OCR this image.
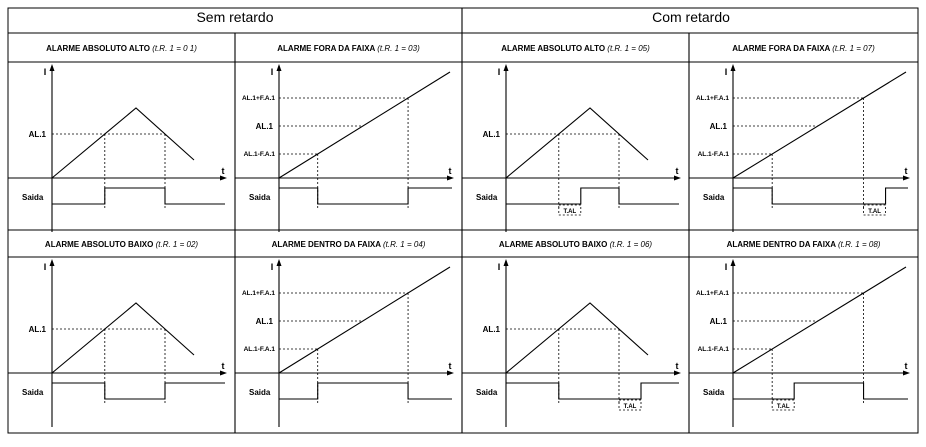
Sem retardo	Com retardo
ALARME ABSOLUTO ALTO (t.R. 1 = 0 1)
I
t
Saida
AL.1
ALARME FORA DA FAIXA (t.R. 1 = 03)
I
t
Saida
AL.1+F.A.1
AL.1
AL.1-F.A.1
ALARME ABSOLUTO ALTO (t.R. 1 = 05)
I
t
Saida
AL.1
T.AL
ALARME FORA DA FAIXA (t.R. 1 = 07)
I
t
Saida
AL.1+F.A.1
AL.1
AL.1-F.A.1
T.AL
ALARME ABSOLUTO BAIXO (t.R. 1 = 02)
I
t
Saida
AL.1
ALARME DENTRO DA FAIXA (t.R. 1 = 04)
I
t
Saida
AL.1+F.A.1
AL.1
AL.1-F.A.1
ALARME ABSOLUTO BAIXO (t.R. 1 = 06)
I
t
Saida
AL.1
T.AL
ALARME DENTRO DA FAIXA (t.R. 1 = 08)
I
t
Saida
AL.1+F.A.1
AL.1
AL.1-F.A.1
T.AL
